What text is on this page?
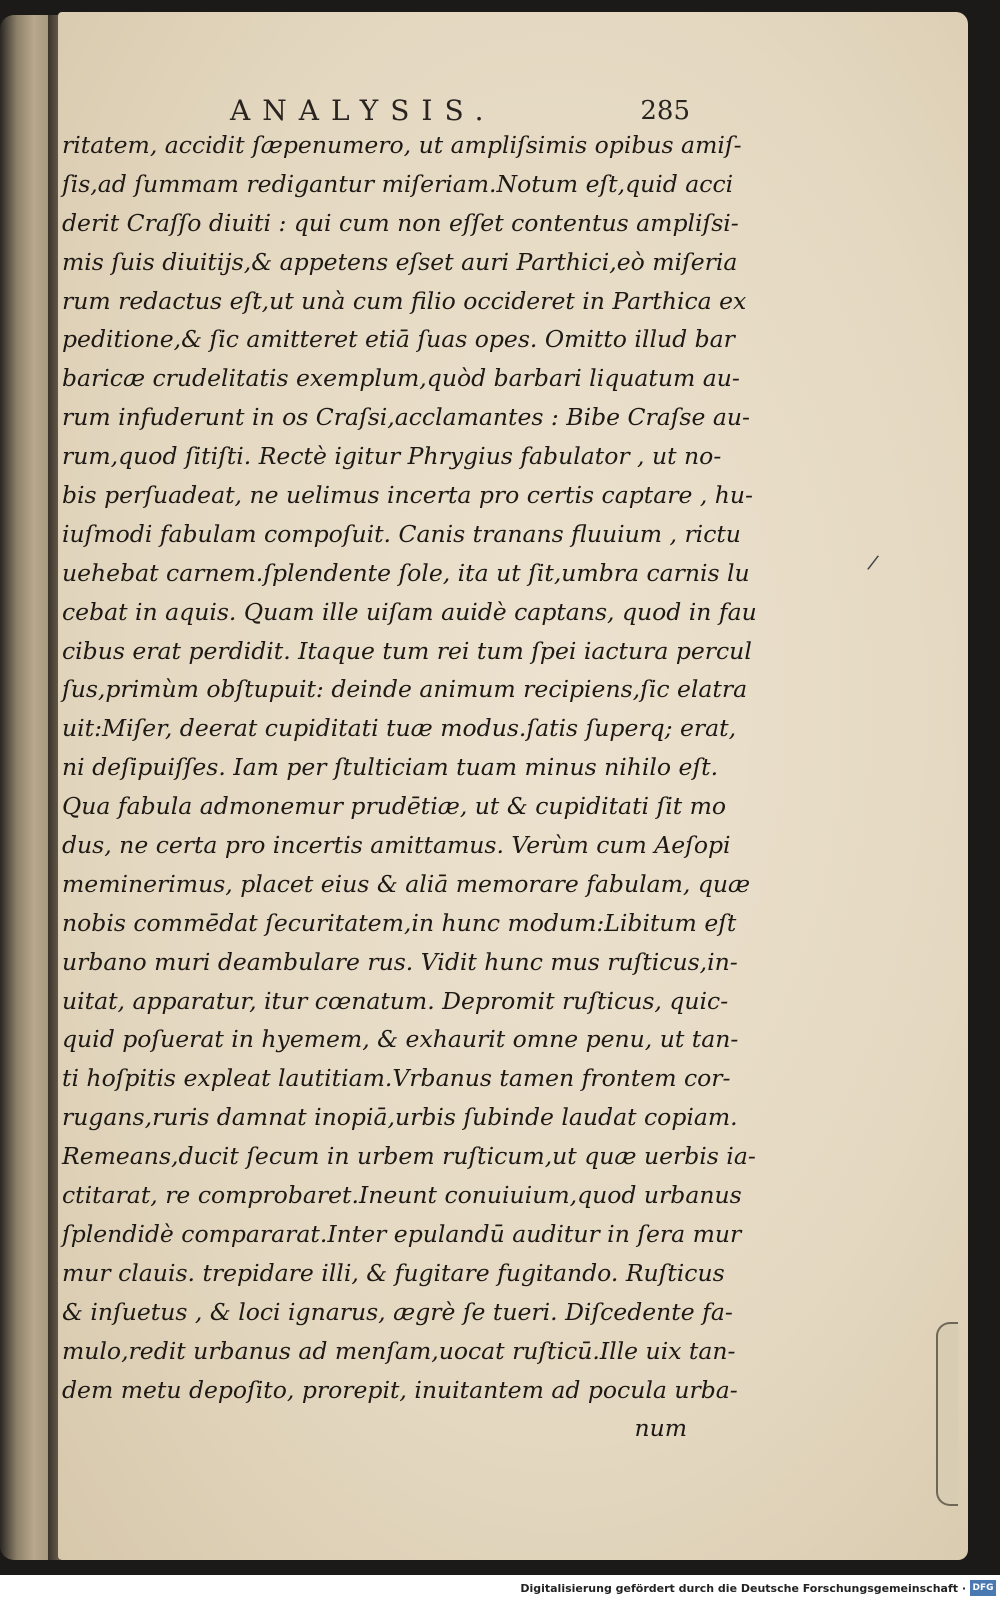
ANALYSIS.	285
ritatem, accidit ſæpenumero, ut ampliſsimis opibus amiſ-
ſis,ad ſummam redigantur miſeriam.Notum eſt,quid acci
derit Craſſo diuiti : qui cum non eſſet contentus ampliſsi-
mis ſuis diuitijs,& appetens eſset auri Parthici,eò miſeria
rum redactus eſt,ut unà cum filio occideret in Parthica ex
peditione,& ſic amitteret etiā ſuas opes. Omitto illud bar
baricæ crudelitatis exemplum,quòd barbari liquatum au-
rum infuderunt in os Craſsi,acclamantes : Bibe Craſse au-
rum,quod ſitiſti. Rectè igitur Phrygius fabulator , ut no-
bis perſuadeat, ne uelimus incerta pro certis captare , hu-
iuſmodi fabulam compoſuit. Canis tranans fluuium , rictu
uehebat carnem.ſplendente ſole, ita ut ſit,umbra carnis lu
cebat in aquis. Quam ille uiſam auidè captans, quod in fau
cibus erat perdidit. Itaque tum rei tum ſpei iactura percul
ſus,primùm obſtupuit: deinde animum recipiens,ſic elatra
uit:Miſer, deerat cupiditati tuæ modus.ſatis ſuperq; erat,
ni deſipuiſſes. Iam per ſtulticiam tuam minus nihilo eſt.
Qua fabula admonemur prudētiæ, ut & cupiditati ſit mo
dus, ne certa pro incertis amittamus. Verùm cum Aeſopi
meminerimus, placet eius & aliā memorare fabulam, quæ
nobis commēdat ſecuritatem,in hunc modum:Libitum eſt
urbano muri deambulare rus. Vidit hunc mus ruſticus,in-
uitat, apparatur, itur cœnatum. Depromit ruſticus, quic-
quid poſuerat in hyemem, & exhaurit omne penu, ut tan-
ti hoſpitis expleat lautitiam.Vrbanus tamen frontem cor-
rugans,ruris damnat inopiā,urbis ſubinde laudat copiam.
Remeans,ducit ſecum in urbem ruſticum,ut quæ uerbis ia-
ctitarat, re comprobaret.Ineunt conuiuium,quod urbanus
ſplendidè compararat.Inter epulandū auditur in ſera mur
mur clauis. trepidare illi, & fugitare fugitando. Ruſticus
& inſuetus , & loci ignarus, ægrè ſe tueri. Diſcedente fa-
mulo,redit urbanus ad menſam,uocat ruſticū.Ille uix tan-
dem metu depoſito, prorepit, inuitantem ad pocula urba-
num
/
Digitalisierung gefördert durch die Deutsche Forschungsgemeinschaft · DFG
